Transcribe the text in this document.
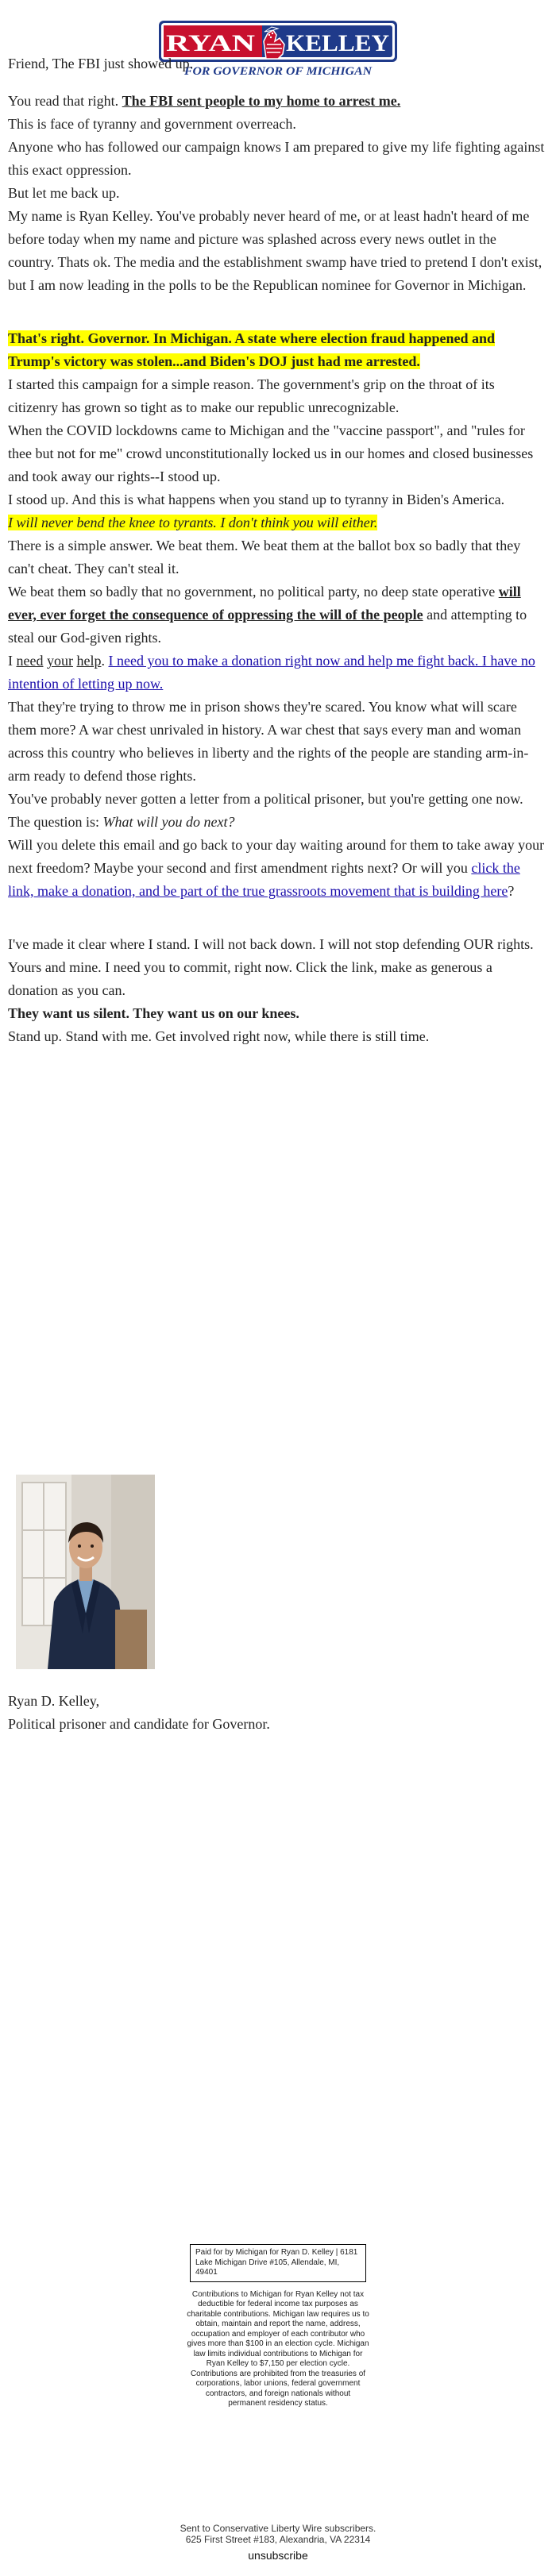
RYAN KELLEY
FOR GOVERNOR OF MICHIGAN

Friend, The FBI just showed up.

You read that right. The FBI sent people to my home to arrest me.

This is face of tyranny and government overreach.

Anyone who has followed our campaign knows I am prepared to give my life fighting against this exact oppression.

But let me back up.

My name is Ryan Kelley. You've probably never heard of me, or at least hadn't heard of me before today when my name and picture was splashed across every news outlet in the country. Thats ok. The media and the establishment swamp have tried to pretend I don't exist, but I am now leading in the polls to be the Republican nominee for Governor in Michigan.

That's right. Governor. In Michigan. A state where election fraud happened and Trump's victory was stolen...and Biden's DOJ just had me arrested.

I started this campaign for a simple reason. The government's grip on the throat of its citizenry has grown so tight as to make our republic unrecognizable.

When the COVID lockdowns came to Michigan and the "vaccine passport", and "rules for thee but not for me" crowd unconstitutionally locked us in our homes and closed businesses and took away our rights--I stood up.

I stood up. And this is what happens when you stand up to tyranny in Biden's America.

I will never bend the knee to tyrants. I don't think you will either.

There is a simple answer. We beat them. We beat them at the ballot box so badly that they can't cheat. They can't steal it.

We beat them so badly that no government, no political party, no deep state operative will ever, ever forget the consequence of oppressing the will of the people and attempting to steal our God-given rights.

I need your help. I need you to make a donation right now and help me fight back. I have no intention of letting up now.

That they're trying to throw me in prison shows they're scared. You know what will scare them more? A war chest unrivaled in history. A war chest that says every man and woman across this country who believes in liberty and the rights of the people are standing arm-in-arm ready to defend those rights.

You've probably never gotten a letter from a political prisoner, but you're getting one now. The question is: What will you do next?

Will you delete this email and go back to your day waiting around for them to take away your next freedom? Maybe your second and first amendment rights next? Or will you click the link, make a donation, and be part of the true grassroots movement that is building here?

I've made it clear where I stand. I will not back down. I will not stop defending OUR rights. Yours and mine. I need you to commit, right now. Click the link, make as generous a donation as you can.

They want us silent. They want us on our knees.

Stand up. Stand with me. Get involved right now, while there is still time.

Ryan D. Kelley,
Political prisoner and candidate for Governor.
Paid for by Michigan for Ryan D. Kelley | 6181 Lake Michigan Drive #105, Allendale, MI, 49401
Contributions to Michigan for Ryan Kelley not tax deductible for federal income tax purposes as charitable contributions. Michigan law requires us to obtain, maintain and report the name, address, occupation and employer of each contributor who gives more than $100 in an election cycle. Michigan law limits individual contributions to Michigan for Ryan Kelley to $7,150 per election cycle. Contributions are prohibited from the treasuries of corporations, labor unions, federal government contractors, and foreign nationals without permanent residency status.
Sent to Conservative Liberty Wire subscribers.
625 First Street #183, Alexandria, VA 22314
unsubscribe
